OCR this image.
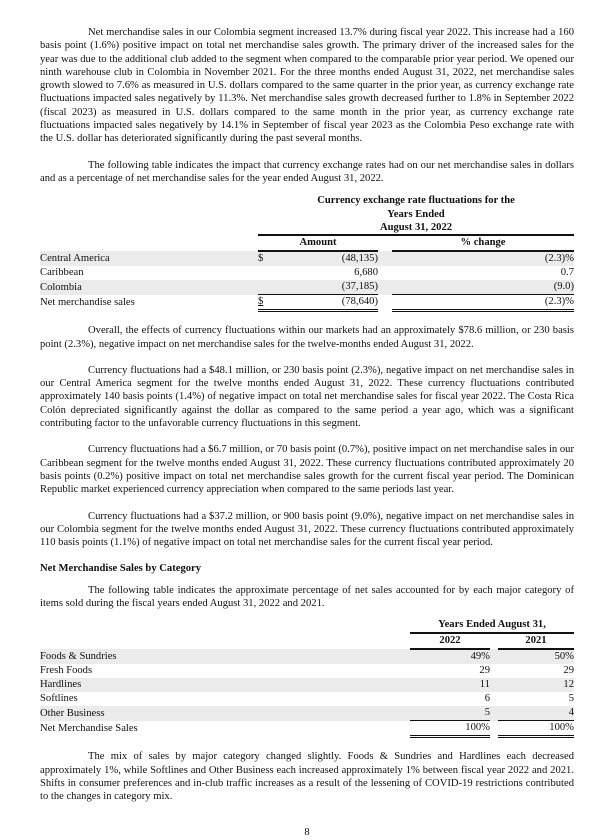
Net merchandise sales in our Colombia segment increased 13.7% during fiscal year 2022. This increase had a 160 basis point (1.6%) positive impact on total net merchandise sales growth. The primary driver of the increased sales for the year was due to the additional club added to the segment when compared to the comparable prior year period. We opened our ninth warehouse club in Colombia in November 2021. For the three months ended August 31, 2022, net merchandise sales growth slowed to 7.6% as measured in U.S. dollars compared to the same quarter in the prior year, as currency exchange rate fluctuations impacted sales negatively by 11.3%. Net merchandise sales growth decreased further to 1.8% in September 2022 (fiscal 2023) as measured in U.S. dollars compared to the same month in the prior year, as currency exchange rate fluctuations impacted sales negatively by 14.1% in September of fiscal year 2023 as the Colombia Peso exchange rate with the U.S. dollar has deteriorated significantly during the past several months.

The following table indicates the impact that currency exchange rates had on our net merchandise sales in dollars and as a percentage of net merchandise sales for the year ended August 31, 2022.

	Currency exchange rate fluctuations for the			
	Years Ended			
	August 31, 2022			
	Amount			% change
Central America	$	(48,135)		(2.3)%
Caribbean		6,680		0.7
Colombia		(37,185)		(9.0)
Net merchandise sales	$	(78,640)		(2.3)%

Overall, the effects of currency fluctuations within our markets had an approximately $78.6 million, or 230 basis point (2.3%), negative impact on net merchandise sales for the twelve-months ended August 31, 2022.

Currency fluctuations had a $48.1 million, or 230 basis point (2.3%), negative impact on net merchandise sales in our Central America segment for the twelve months ended August 31, 2022. These currency fluctuations contributed approximately 140 basis points (1.4%) of negative impact on total net merchandise sales for fiscal year 2022. The Costa Rica Colón depreciated significantly against the dollar as compared to the same period a year ago, which was a significant contributing factor to the unfavorable currency fluctuations in this segment.

Currency fluctuations had a $6.7 million, or 70 basis point (0.7%), positive impact on net merchandise sales in our Caribbean segment for the twelve months ended August 31, 2022. These currency fluctuations contributed approximately 20 basis points (0.2%) positive impact on total net merchandise sales growth for the current fiscal year period. The Dominican Republic market experienced currency appreciation when compared to the same periods last year.

Currency fluctuations had a $37.2 million, or 900 basis point (9.0%), negative impact on net merchandise sales in our Colombia segment for the twelve months ended August 31, 2022. These currency fluctuations contributed approximately 110 basis points (1.1%) of negative impact on total net merchandise sales for the current fiscal year period.

Net Merchandise Sales by Category

The following table indicates the approximate percentage of net sales accounted for by each major category of items sold during the fiscal years ended August 31, 2022 and 2021.

	Years Ended August 31,		
	2022		2021
Foods & Sundries	49%		50%
Fresh Foods	29		29
Hardlines	11		12
Softlines	6		5
Other Business	5		4
Net Merchandise Sales	100%		100%

The mix of sales by major category changed slightly. Foods & Sundries and Hardlines each decreased approximately 1%, while Softlines and Other Business each increased approximately 1% between fiscal year 2022 and 2021. Shifts in consumer preferences and in-club traffic increases as a result of the lessening of COVID-19 restrictions contributed to the changes in category mix.

8
